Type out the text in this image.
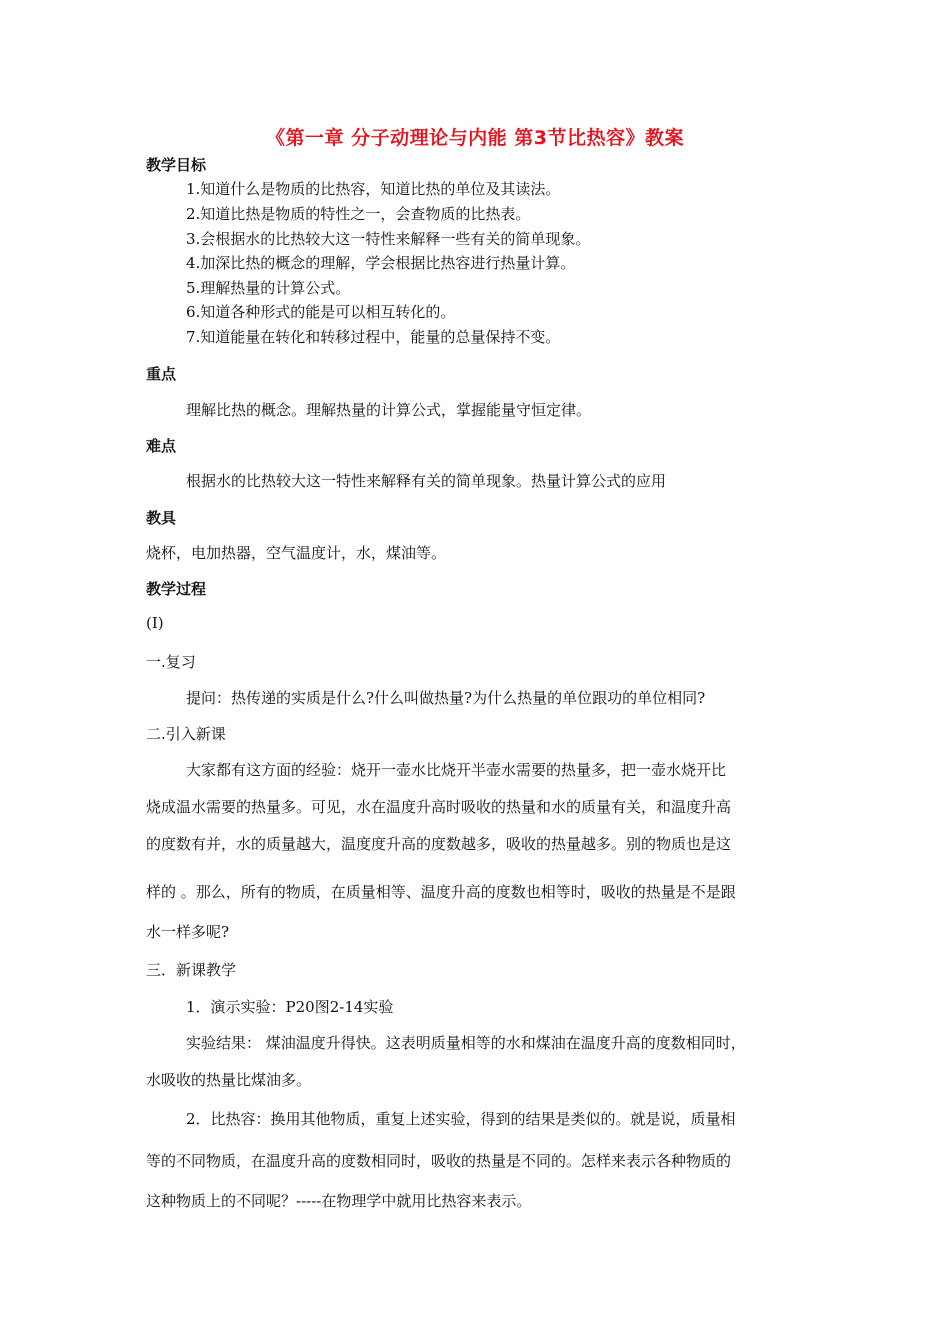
《第一章 分子动理论与内能 第3节比热容》教案
教学目标
1.知道什么是物质的比热容，知道比热的单位及其读法。
2.知道比热是物质的特性之一，会查物质的比热表。
3.会根据水的比热较大这一特性来解释一些有关的简单现象。
4.加深比热的概念的理解，学会根据比热容进行热量计算。
5.理解热量的计算公式。
6.知道各种形式的能是可以相互转化的。
7.知道能量在转化和转移过程中，能量的总量保持不变。
重点
理解比热的概念。理解热量的计算公式，掌握能量守恒定律。
难点
根据水的比热较大这一特性来解释有关的简单现象。热量计算公式的应用
教具
烧杯，电加热器，空气温度计，水，煤油等。
教学过程
(I)
一.复习
提问：热传递的实质是什么?什么叫做热量?为什么热量的单位跟功的单位相同?
二.引入新课
大家都有这方面的经验：烧开一壶水比烧开半壶水需要的热量多，把一壶水烧开比
烧成温水需要的热量多。可见，水在温度升高时吸收的热量和水的质量有关，和温度升高
的度数有并，水的质量越大，温度度升高的度数越多，吸收的热量越多。别的物质也是这
样的 。那么，所有的物质，在质量相等、温度升高的度数也相等时，吸收的热量是不是跟
水一样多呢?
三．新课教学
1．演示实验：P20图2-14实验
实验结果： 煤油温度升得快。这表明质量相等的水和煤油在温度升高的度数相同时，
水吸收的热量比煤油多。
2．比热容：换用其他物质，重复上述实验，得到的结果是类似的。就是说，质量相
等的不同物质，在温度升高的度数相同时，吸收的热量是不同的。怎样来表示各种物质的
这种物质上的不同呢？-----在物理学中就用比热容来表示。
